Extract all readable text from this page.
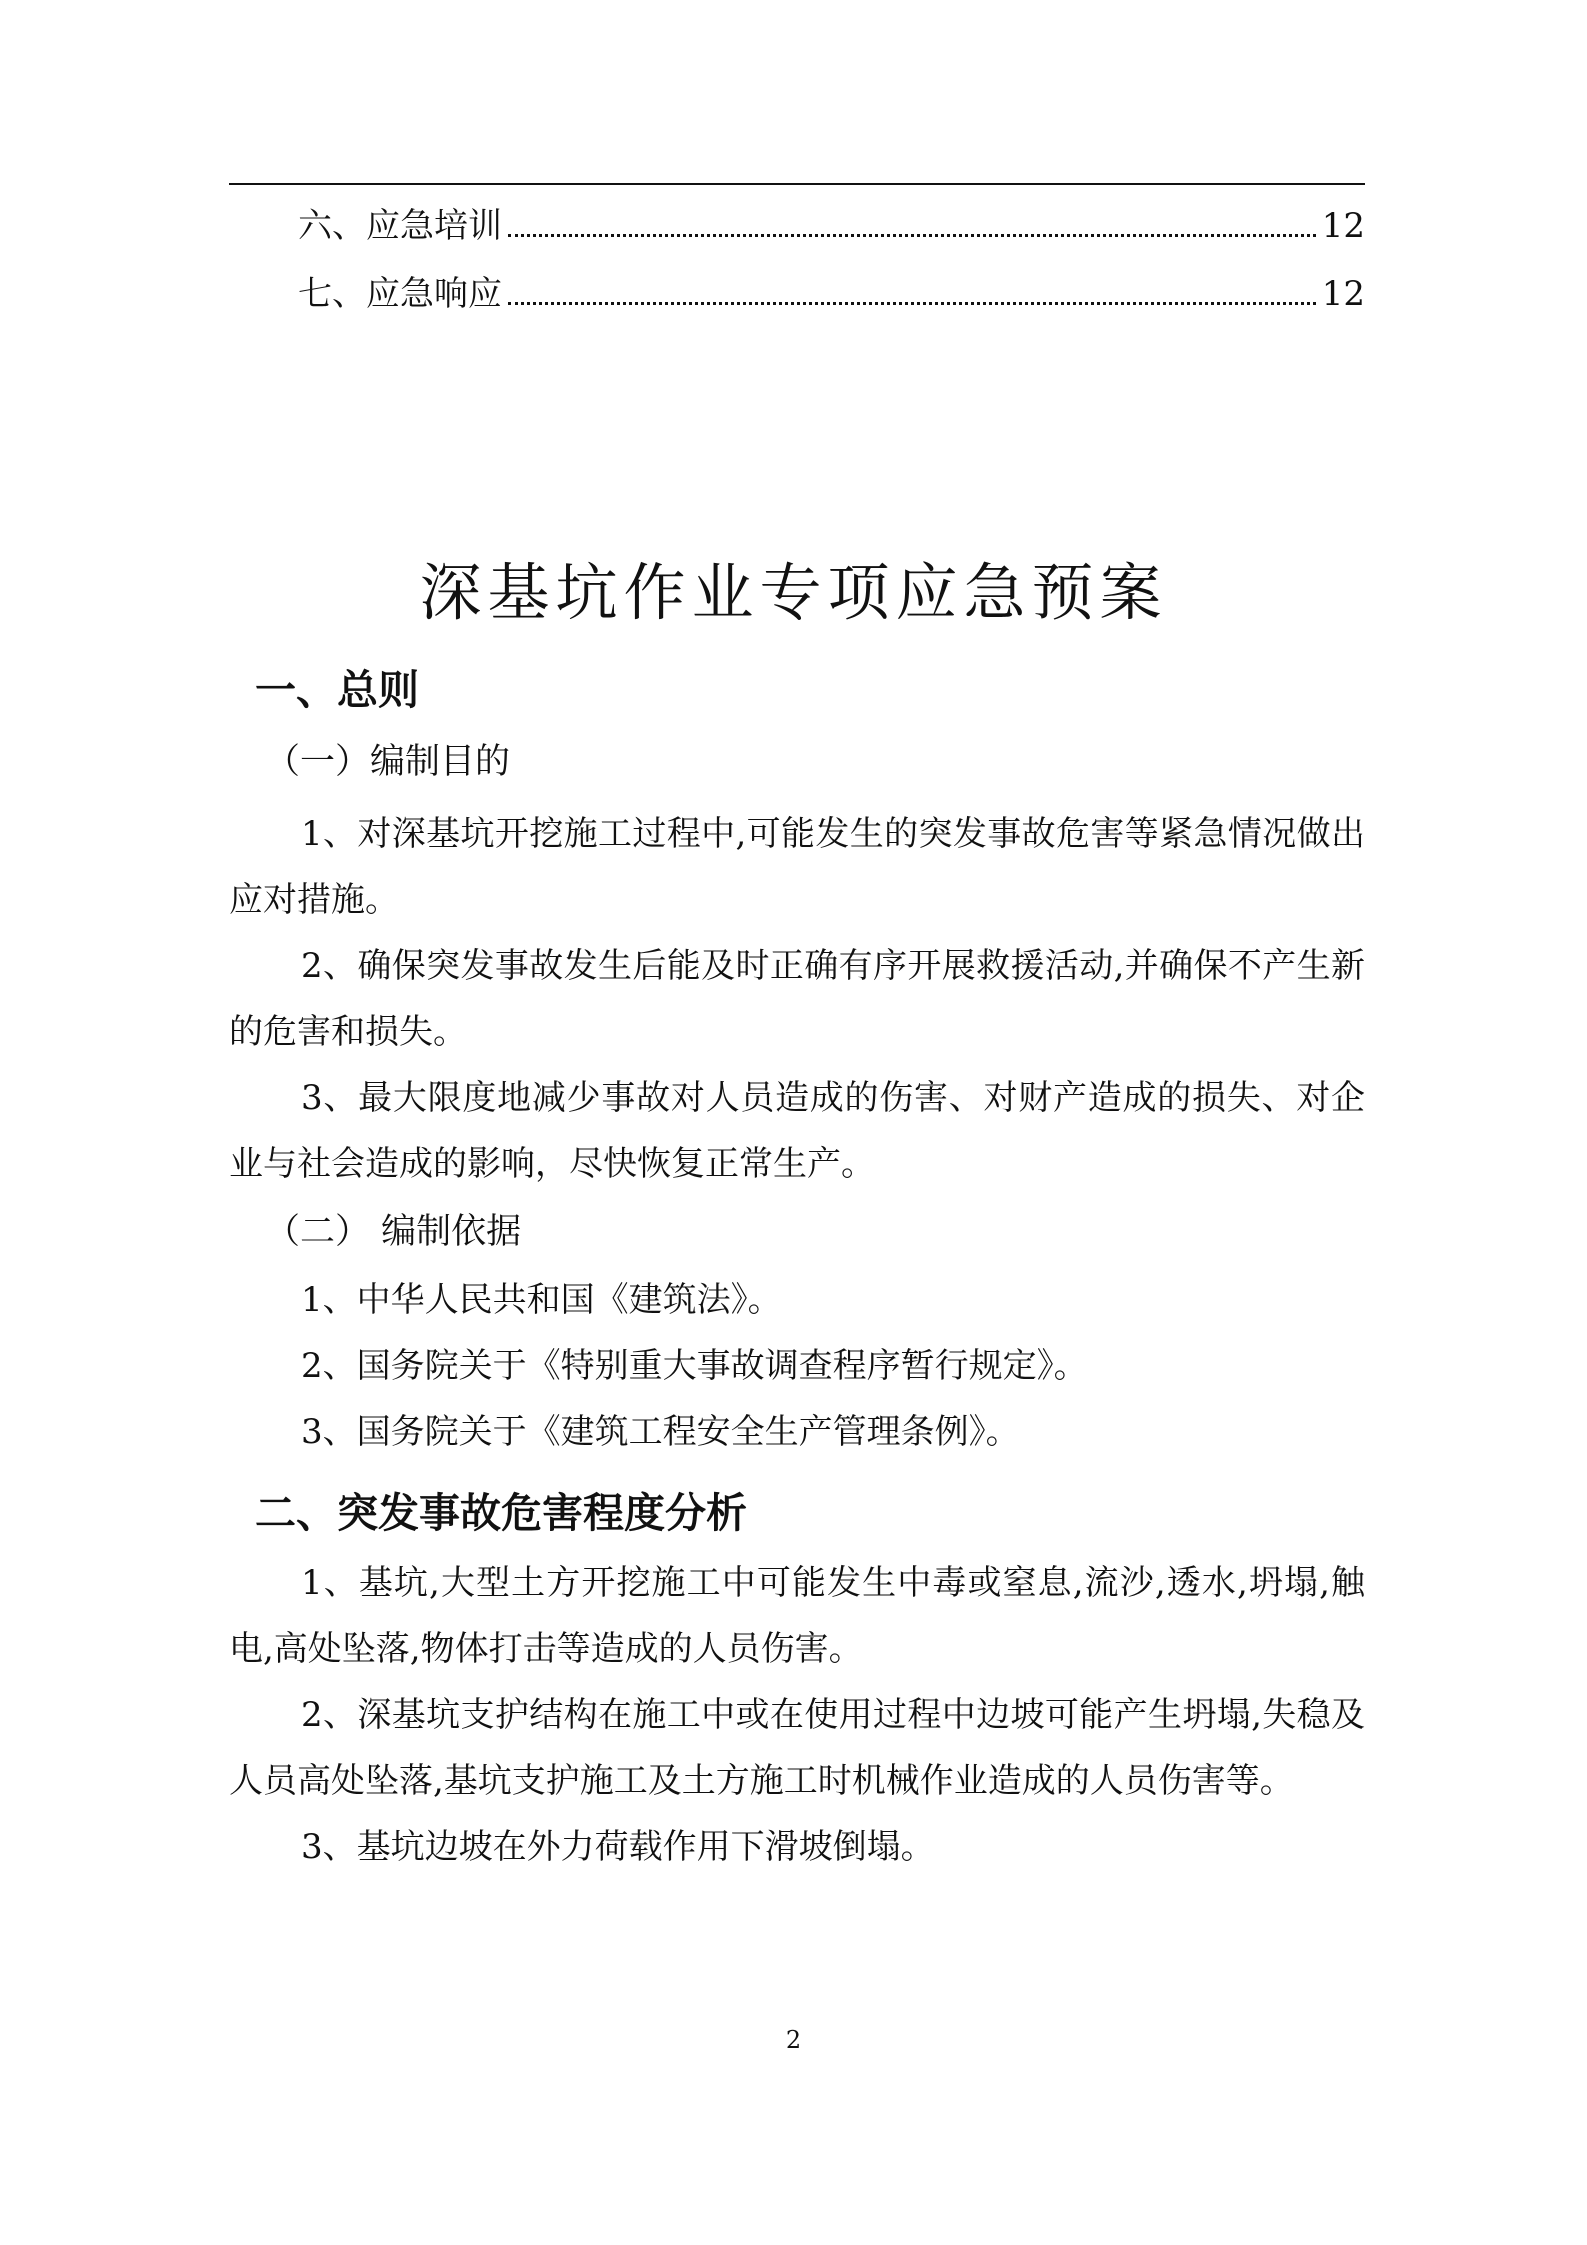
六、应急培训	12
七、应急响应	12
深基坑作业专项应急预案
一、总则
（一）编制目的

1、对深基坑开挖施工过程中,可能发生的突发事故危害等紧急情况做出应对措施。

2、确保突发事故发生后能及时正确有序开展救援活动,并确保不产生新的危害和损失。

3、最大限度地减少事故对人员造成的伤害、对财产造成的损失、对企业与社会造成的影响，尽快恢复正常生产。

（二） 编制依据

1、中华人民共和国《建筑法》。

2、国务院关于《特别重大事故调查程序暂行规定》。

3、国务院关于《建筑工程安全生产管理条例》。

二、突发事故危害程度分析

1、基坑,大型土方开挖施工中可能发生中毒或窒息,流沙,透水,坍塌,触电,高处坠落,物体打击等造成的人员伤害。

2、深基坑支护结构在施工中或在使用过程中边坡可能产生坍塌,失稳及人员高处坠落,基坑支护施工及土方施工时机械作业造成的人员伤害等。

3、基坑边坡在外力荷载作用下滑坡倒塌。

2
